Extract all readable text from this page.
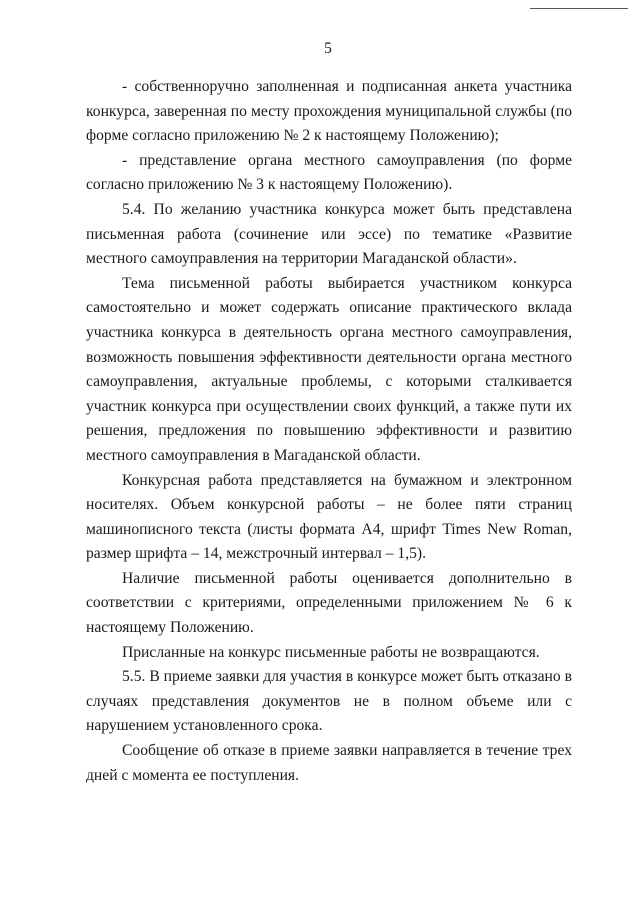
5

- собственноручно заполненная и подписанная анкета участника конкурса, заверенная по месту прохождения муниципальной службы (по форме согласно приложению № 2 к настоящему Положению);

- представление органа местного самоуправления (по форме согласно приложению № 3 к настоящему Положению).

5.4. По желанию участника конкурса может быть представлена письменная работа (сочинение или эссе) по тематике «Развитие местного самоуправления на территории Магаданской области».

Тема письменной работы выбирается участником конкурса самостоятельно и может содержать описание практического вклада участника конкурса в деятельность органа местного самоуправления, возможность повышения эффективности деятельности органа местного самоуправления, актуальные проблемы, с которыми сталкивается участник конкурса при осуществлении своих функций, а также пути их решения, предложения по повышению эффективности и развитию местного самоуправления в Магаданской области.

Конкурсная работа представляется на бумажном и электронном носителях. Объем конкурсной работы – не более пяти страниц машинописного текста (листы формата А4, шрифт Times New Roman, размер шрифта – 14, межстрочный интервал – 1,5).

Наличие письменной работы оценивается дополнительно в соответствии с критериями, определенными приложением № 6 к настоящему Положению.

Присланные на конкурс письменные работы не возвращаются.

5.5. В приеме заявки для участия в конкурсе может быть отказано в случаях представления документов не в полном объеме или с нарушением установленного срока.

Сообщение об отказе в приеме заявки направляется в течение трех дней с момента ее поступления.
